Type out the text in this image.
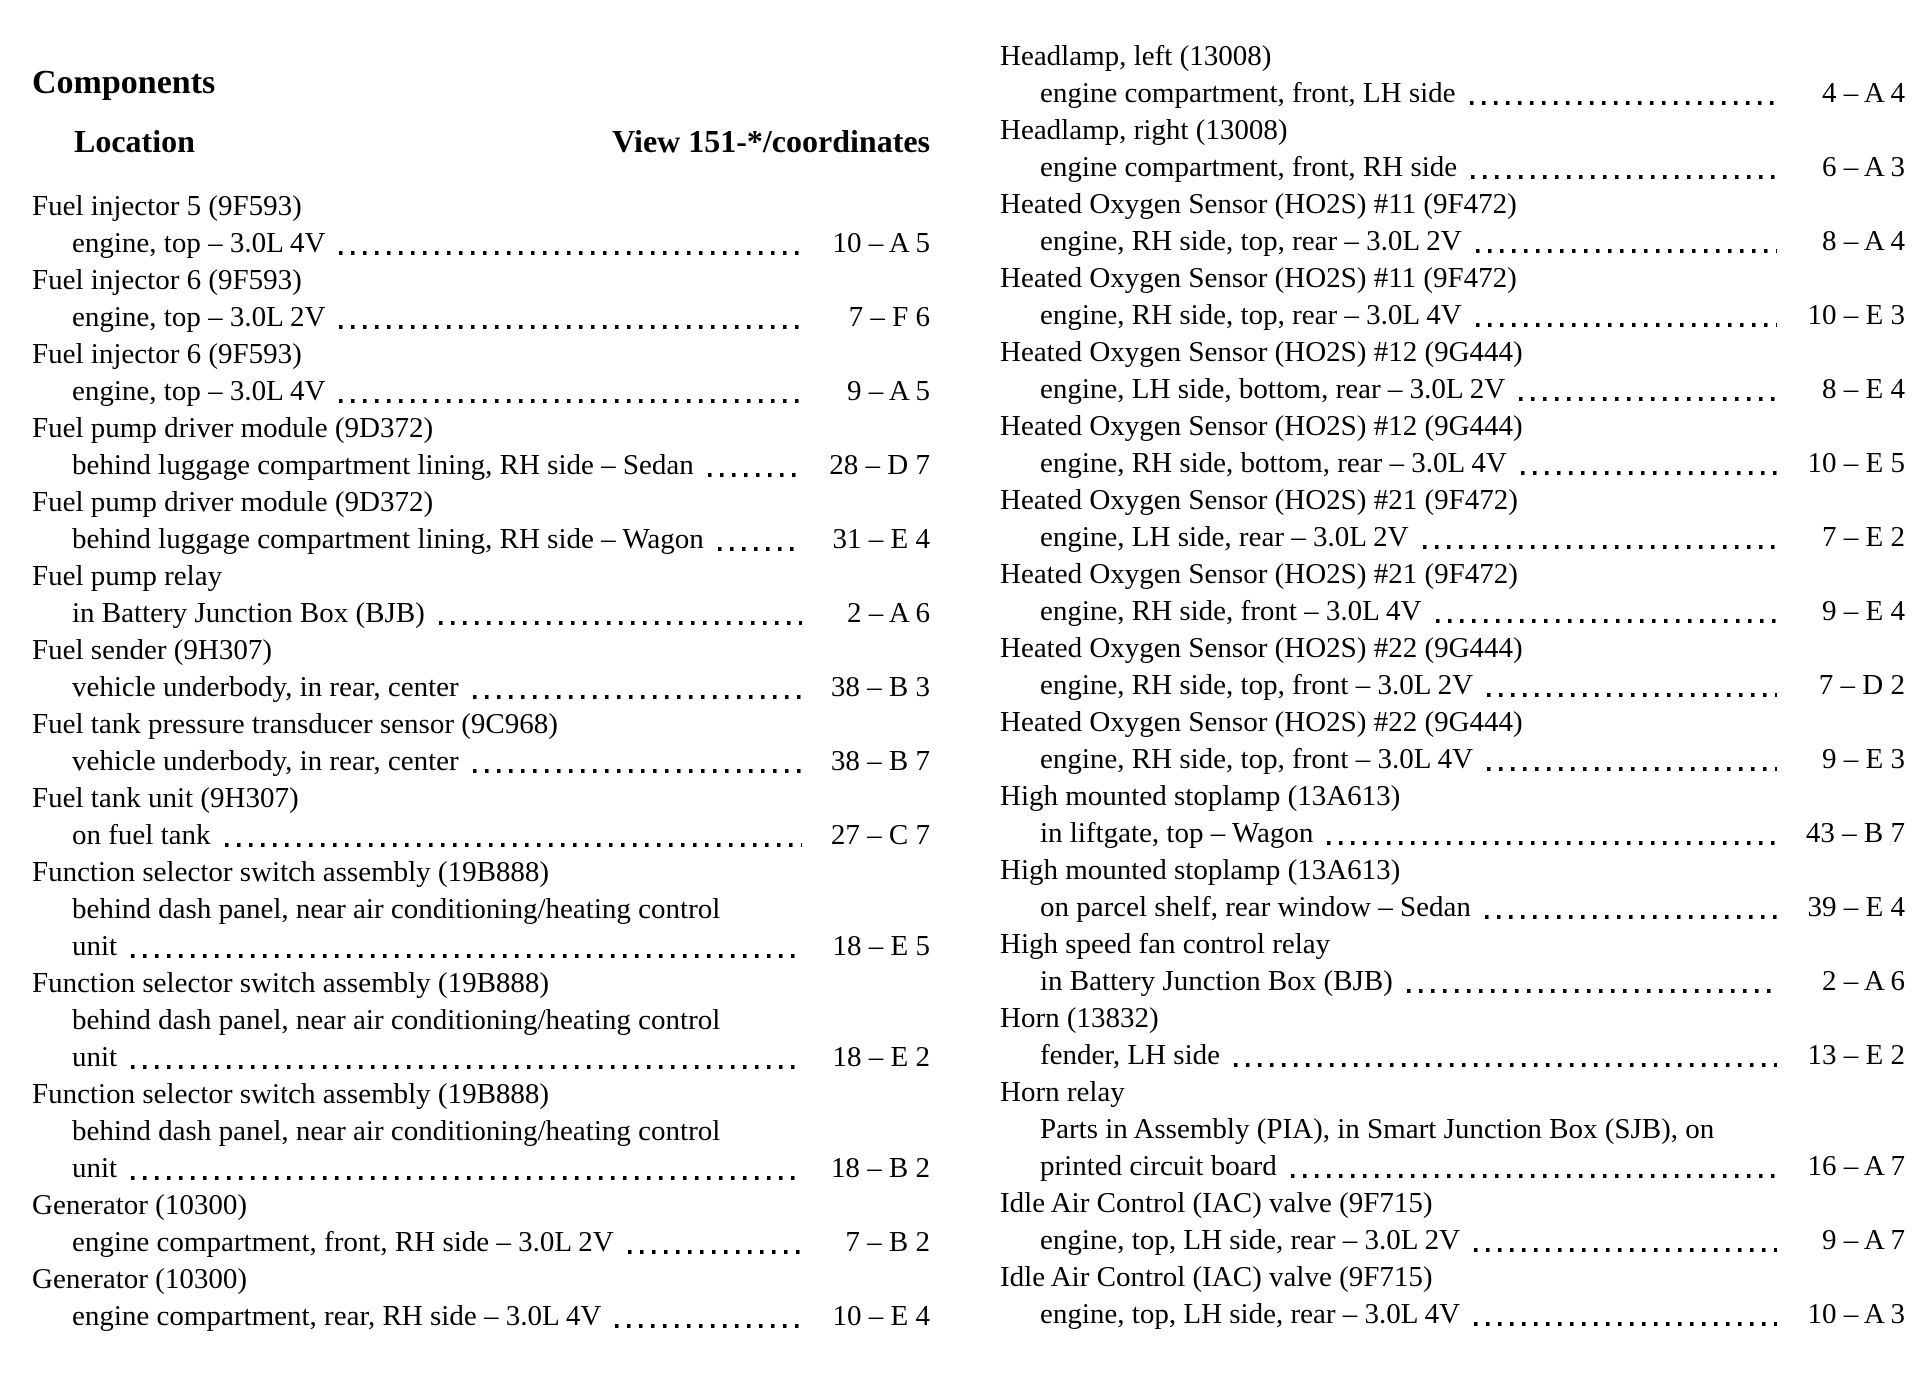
Components
Location	View 151-*/coordinates
Fuel injector 5 (9F593)
engine, top – 3.0L 4V	10 – A 5
Fuel injector 6 (9F593)
engine, top – 3.0L 2V	7 – F 6
Fuel injector 6 (9F593)
engine, top – 3.0L 4V	9 – A 5
Fuel pump driver module (9D372)
behind luggage compartment lining, RH side – Sedan	28 – D 7
Fuel pump driver module (9D372)
behind luggage compartment lining, RH side – Wagon	31 – E 4
Fuel pump relay
in Battery Junction Box (BJB)	2 – A 6
Fuel sender (9H307)
vehicle underbody, in rear, center	38 – B 3
Fuel tank pressure transducer sensor (9C968)
vehicle underbody, in rear, center	38 – B 7
Fuel tank unit (9H307)
on fuel tank	27 – C 7
Function selector switch assembly (19B888)
behind dash panel, near air conditioning/heating control
unit	18 – E 5
Function selector switch assembly (19B888)
behind dash panel, near air conditioning/heating control
unit	18 – E 2
Function selector switch assembly (19B888)
behind dash panel, near air conditioning/heating control
unit	18 – B 2
Generator (10300)
engine compartment, front, RH side – 3.0L 2V	7 – B 2
Generator (10300)
engine compartment, rear, RH side – 3.0L 4V	10 – E 4
Headlamp, left (13008)
engine compartment, front, LH side	4 – A 4
Headlamp, right (13008)
engine compartment, front, RH side	6 – A 3
Heated Oxygen Sensor (HO2S) #11 (9F472)
engine, RH side, top, rear – 3.0L 2V	8 – A 4
Heated Oxygen Sensor (HO2S) #11 (9F472)
engine, RH side, top, rear – 3.0L 4V	10 – E 3
Heated Oxygen Sensor (HO2S) #12 (9G444)
engine, LH side, bottom, rear – 3.0L 2V	8 – E 4
Heated Oxygen Sensor (HO2S) #12 (9G444)
engine, RH side, bottom, rear – 3.0L 4V	10 – E 5
Heated Oxygen Sensor (HO2S) #21 (9F472)
engine, LH side, rear – 3.0L 2V	7 – E 2
Heated Oxygen Sensor (HO2S) #21 (9F472)
engine, RH side, front – 3.0L 4V	9 – E 4
Heated Oxygen Sensor (HO2S) #22 (9G444)
engine, RH side, top, front – 3.0L 2V	7 – D 2
Heated Oxygen Sensor (HO2S) #22 (9G444)
engine, RH side, top, front – 3.0L 4V	9 – E 3
High mounted stoplamp (13A613)
in liftgate, top – Wagon	43 – B 7
High mounted stoplamp (13A613)
on parcel shelf, rear window – Sedan	39 – E 4
High speed fan control relay
in Battery Junction Box (BJB)	2 – A 6
Horn (13832)
fender, LH side	13 – E 2
Horn relay
Parts in Assembly (PIA), in Smart Junction Box (SJB), on
printed circuit board	16 – A 7
Idle Air Control (IAC) valve (9F715)
engine, top, LH side, rear – 3.0L 2V	9 – A 7
Idle Air Control (IAC) valve (9F715)
engine, top, LH side, rear – 3.0L 4V	10 – A 3
